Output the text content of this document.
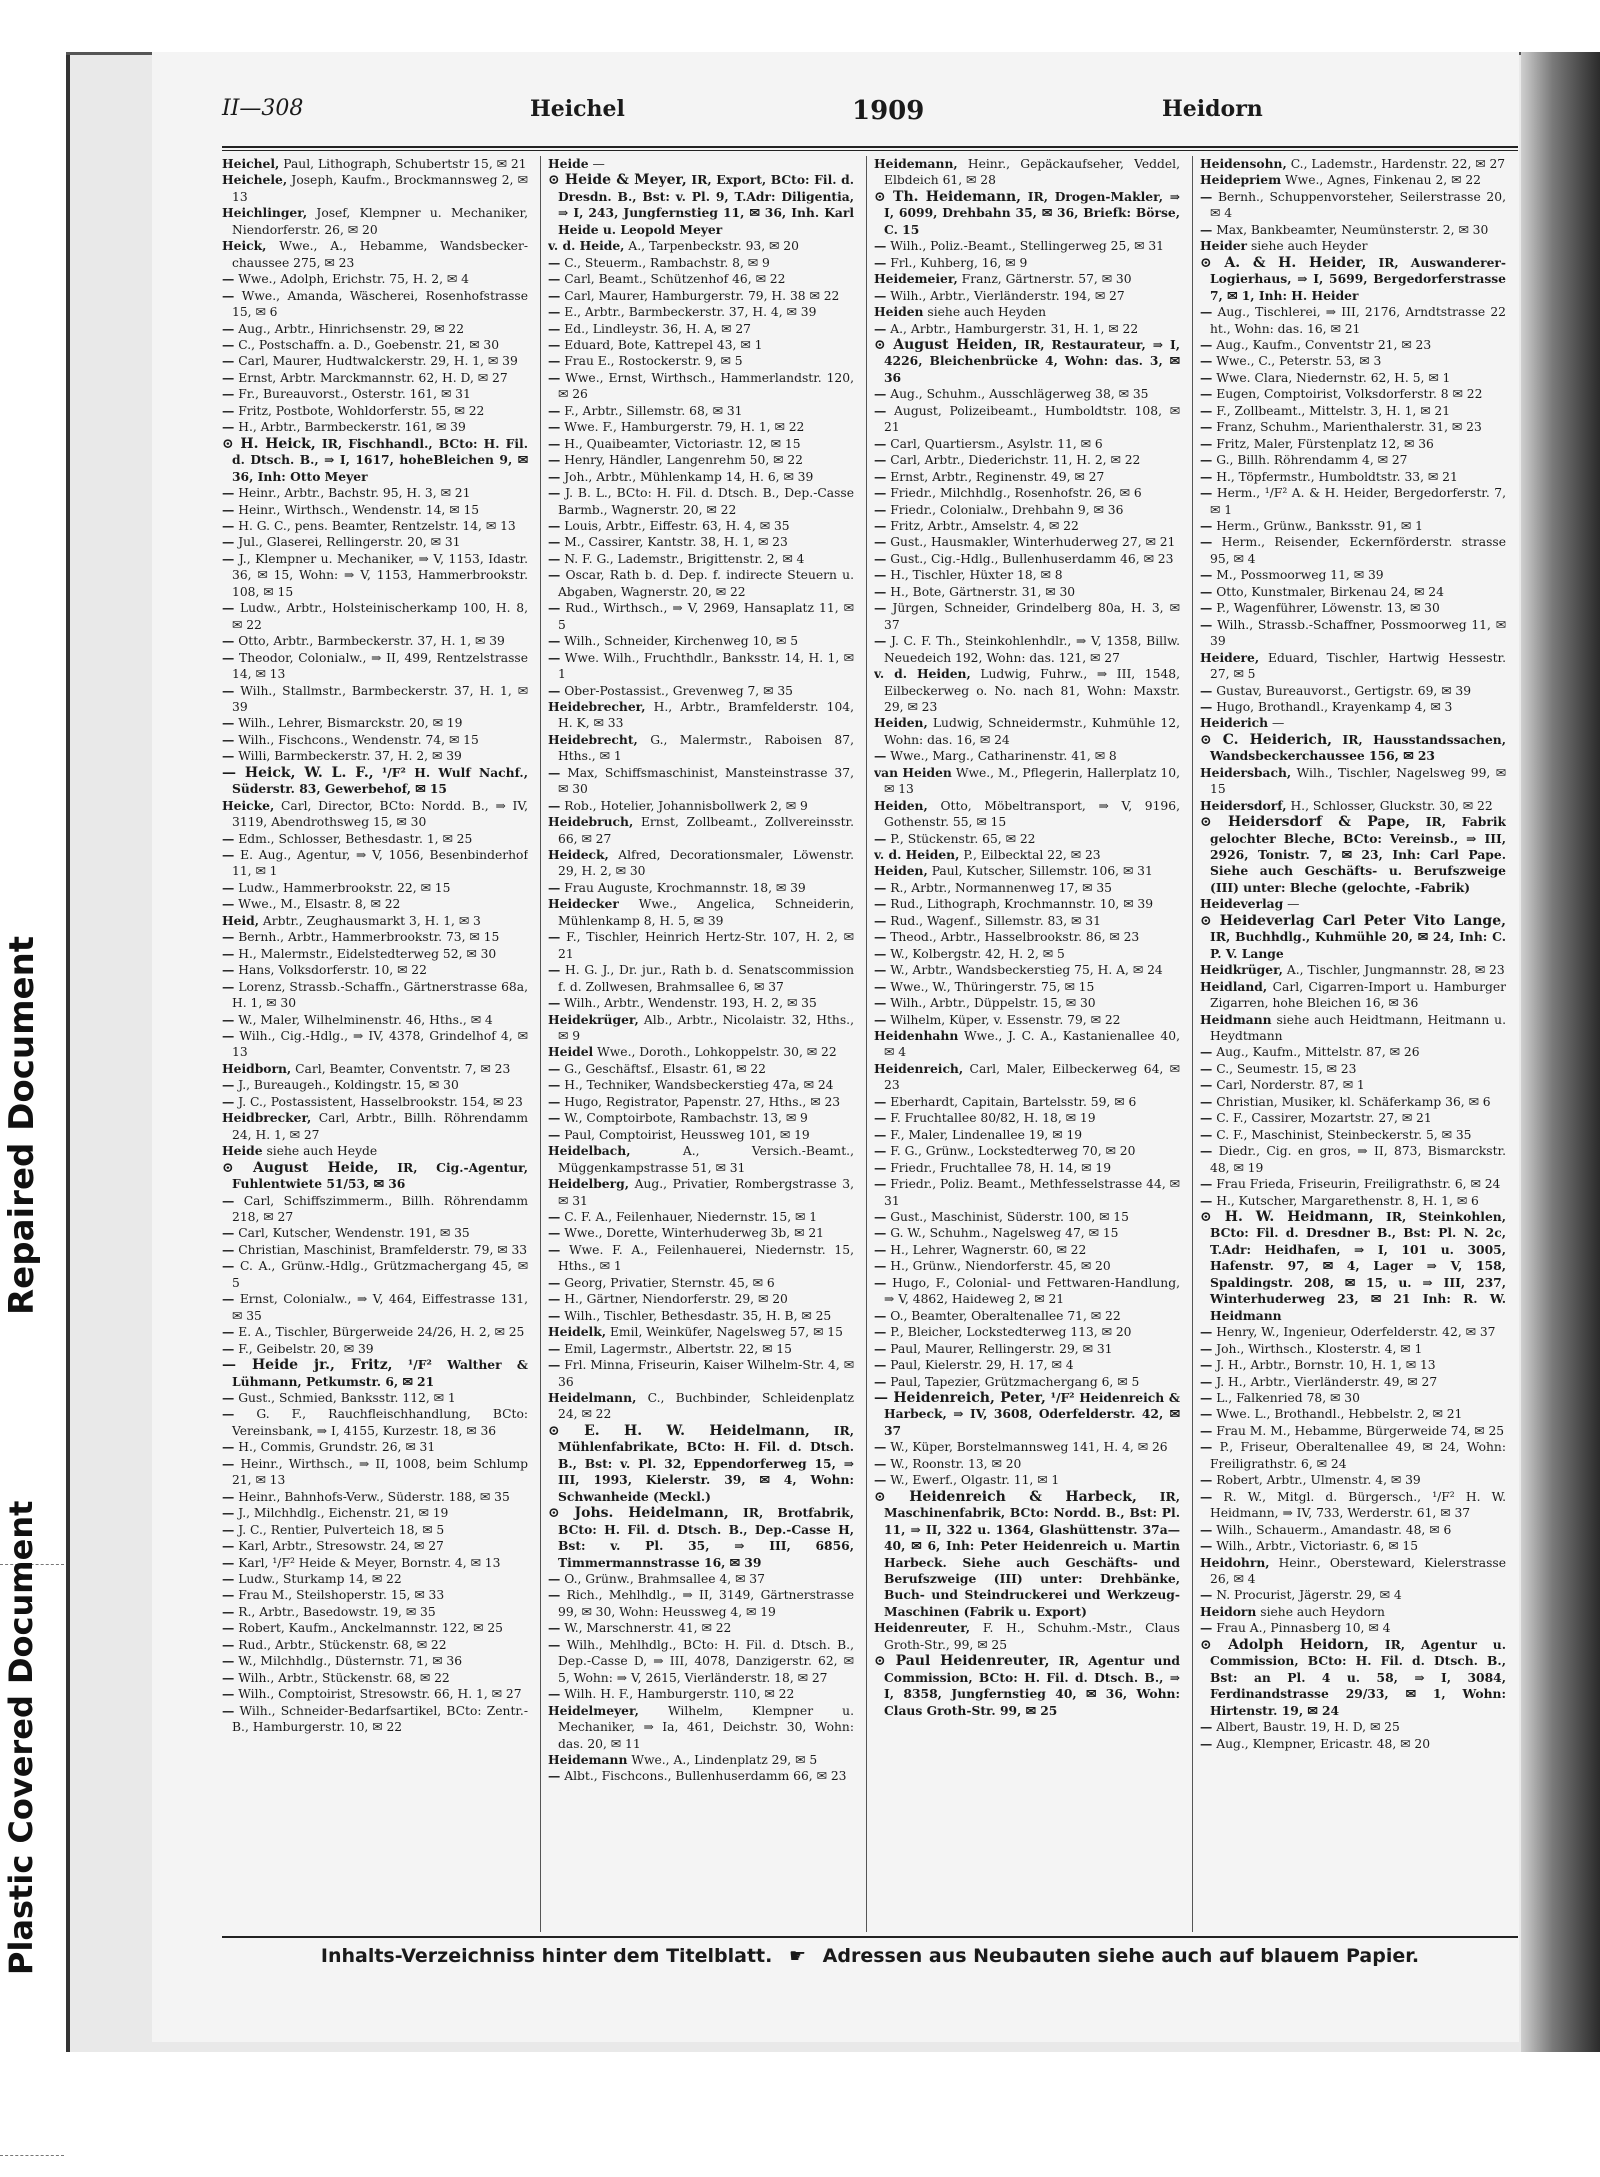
II—308	Heichel	1909	Heidorn
Heichel, Paul, Lithograph, Schubertstr 15, ✉ 21
Heichele, Joseph, Kaufm., Brockmannsweg 2, ✉ 13
Heichlinger, Josef, Klempner u. Mechaniker, Niendorferstr. 26, ✉ 20
Heick, Wwe., A., Hebamme, Wandsbecker-chaussee 275, ✉ 23
— Wwe., Adolph, Erichstr. 75, H. 2, ✉ 4
— Wwe., Amanda, Wäscherei, Rosenhofstrasse 15, ✉ 6
— Aug., Arbtr., Hinrichsenstr. 29, ✉ 22
— C., Postschaffn. a. D., Goebenstr. 21, ✉ 30
— Carl, Maurer, Hudtwalckerstr. 29, H. 1, ✉ 39
— Ernst, Arbtr. Marckmannstr. 62, H. D, ✉ 27
— Fr., Bureauvorst., Osterstr. 161, ✉ 31
— Fritz, Postbote, Wohldorferstr. 55, ✉ 22
— H., Arbtr., Barmbeckerstr. 161, ✉ 39
⊙ H. Heick, IR, Fischhandl., BCto: H. Fil. d. Dtsch. B., ⇒ I, 1617, hoheBleichen 9, ✉ 36, Inh: Otto Meyer
— Heinr., Arbtr., Bachstr. 95, H. 3, ✉ 21
— Heinr., Wirthsch., Wendenstr. 14, ✉ 15
— H. G. C., pens. Beamter, Rentzelstr. 14, ✉ 13
— Jul., Glaserei, Rellingerstr. 20, ✉ 31
— J., Klempner u. Mechaniker, ⇒ V, 1153, Idastr. 36, ✉ 15, Wohn: ⇒ V, 1153, Hammerbrookstr. 108, ✉ 15
— Ludw., Arbtr., Holsteinischerkamp 100, H. 8, ✉ 22
— Otto, Arbtr., Barmbeckerstr. 37, H. 1, ✉ 39
— Theodor, Colonialw., ⇒ II, 499, Rentzelstrasse 14, ✉ 13
— Wilh., Stallmstr., Barmbeckerstr. 37, H. 1, ✉ 39
— Wilh., Lehrer, Bismarckstr. 20, ✉ 19
— Wilh., Fischcons., Wendenstr. 74, ✉ 15
— Willi, Barmbeckerstr. 37, H. 2, ✉ 39
— Heick, W. L. F., ¹/F² H. Wulf Nachf., Süderstr. 83, Gewerbehof, ✉ 15
Heicke, Carl, Director, BCto: Nordd. B., ⇒ IV, 3119, Abendrothsweg 15, ✉ 30
— Edm., Schlosser, Bethesdastr. 1, ✉ 25
— E. Aug., Agentur, ⇒ V, 1056, Besenbinderhof 11, ✉ 1
— Ludw., Hammerbrookstr. 22, ✉ 15
— Wwe., M., Elsastr. 8, ✉ 22
Heid, Arbtr., Zeughausmarkt 3, H. 1, ✉ 3
— Bernh., Arbtr., Hammerbrookstr. 73, ✉ 15
— H., Malermstr., Eidelstedterweg 52, ✉ 30
— Hans, Volksdorferstr. 10, ✉ 22
— Lorenz, Strassb.-Schaffn., Gärtnerstrasse 68a, H. 1, ✉ 30
— W., Maler, Wilhelminenstr. 46, Hths., ✉ 4
— Wilh., Cig.-Hdlg., ⇒ IV, 4378, Grindelhof 4, ✉ 13
Heidborn, Carl, Beamter, Conventstr. 7, ✉ 23
— J., Bureaugeh., Koldingstr. 15, ✉ 30
— J. C., Postassistent, Hasselbrookstr. 154, ✉ 23
Heidbrecker, Carl, Arbtr., Billh. Röhrendamm 24, H. 1, ✉ 27
Heide siehe auch Heyde
⊙ August Heide, IR, Cig.-Agentur, Fuhlentwiete 51/53, ✉ 36
— Carl, Schiffszimmerm., Billh. Röhrendamm 218, ✉ 27
— Carl, Kutscher, Wendenstr. 191, ✉ 35
— Christian, Maschinist, Bramfelderstr. 79, ✉ 33
— C. A., Grünw.-Hdlg., Grützmachergang 45, ✉ 5
— Ernst, Colonialw., ⇒ V, 464, Eiffestrasse 131, ✉ 35
— E. A., Tischler, Bürgerweide 24/26, H. 2, ✉ 25
— F., Geibelstr. 20, ✉ 39
— Heide jr., Fritz, ¹/F² Walther & Lühmann, Petkumstr. 6, ✉ 21
— Gust., Schmied, Banksstr. 112, ✉ 1
— G. F., Rauchfleischhandlung, BCto: Vereinsbank, ⇒ I, 4155, Kurzestr. 18, ✉ 36
— H., Commis, Grundstr. 26, ✉ 31
— Heinr., Wirthsch., ⇒ II, 1008, beim Schlump 21, ✉ 13
— Heinr., Bahnhofs-Verw., Süderstr. 188, ✉ 35
— J., Milchhdlg., Eichenstr. 21, ✉ 19
— J. C., Rentier, Pulverteich 18, ✉ 5
— Karl, Arbtr., Stresowstr. 24, ✉ 27
— Karl, ¹/F² Heide & Meyer, Bornstr. 4, ✉ 13
— Ludw., Sturkamp 14, ✉ 22
— Frau M., Steilshoperstr. 15, ✉ 33
— R., Arbtr., Basedowstr. 19, ✉ 35
— Robert, Kaufm., Anckelmannstr. 122, ✉ 25
— Rud., Arbtr., Stückenstr. 68, ✉ 22
— W., Milchhdlg., Düsternstr. 71, ✉ 36
— Wilh., Arbtr., Stückenstr. 68, ✉ 22
— Wilh., Comptoirist, Stresowstr. 66, H. 1, ✉ 27
— Wilh., Schneider-Bedarfsartikel, BCto: Zentr.-B., Hamburgerstr. 10, ✉ 22
Heide —
⊙ Heide & Meyer, IR, Export, BCto: Fil. d. Dresdn. B., Bst: v. Pl. 9, T.Adr: Diligentia, ⇒ I, 243, Jungfernstieg 11, ✉ 36, Inh. Karl Heide u. Leopold Meyer
v. d. Heide, A., Tarpenbeckstr. 93, ✉ 20
— C., Steuerm., Rambachstr. 8, ✉ 9
— Carl, Beamt., Schützenhof 46, ✉ 22
— Carl, Maurer, Hamburgerstr. 79, H. 38 ✉ 22
— E., Arbtr., Barmbeckerstr. 37, H. 4, ✉ 39
— Ed., Lindleystr. 36, H. A, ✉ 27
— Eduard, Bote, Kattrepel 43, ✉ 1
— Frau E., Rostockerstr. 9, ✉ 5
— Wwe., Ernst, Wirthsch., Hammerlandstr. 120, ✉ 26
— F., Arbtr., Sillemstr. 68, ✉ 31
— Wwe. F., Hamburgerstr. 79, H. 1, ✉ 22
— H., Quaibeamter, Victoriastr. 12, ✉ 15
— Henry, Händler, Langenrehm 50, ✉ 22
— Joh., Arbtr., Mühlenkamp 14, H. 6, ✉ 39
— J. B. L., BCto: H. Fil. d. Dtsch. B., Dep.-Casse Barmb., Wagnerstr. 20, ✉ 22
— Louis, Arbtr., Eiffestr. 63, H. 4, ✉ 35
— M., Cassirer, Kantstr. 38, H. 1, ✉ 23
— N. F. G., Lademstr., Brigittenstr. 2, ✉ 4
— Oscar, Rath b. d. Dep. f. indirecte Steuern u. Abgaben, Wagnerstr. 20, ✉ 22
— Rud., Wirthsch., ⇒ V, 2969, Hansaplatz 11, ✉ 5
— Wilh., Schneider, Kirchenweg 10, ✉ 5
— Wwe. Wilh., Fruchthdlr., Banksstr. 14, H. 1, ✉ 1
— Ober-Postassist., Grevenweg 7, ✉ 35
Heidebrecher, H., Arbtr., Bramfelderstr. 104, H. K, ✉ 33
Heidebrecht, G., Malermstr., Raboisen 87, Hths., ✉ 1
— Max, Schiffsmaschinist, Mansteinstrasse 37, ✉ 30
— Rob., Hotelier, Johannisbollwerk 2, ✉ 9
Heidebruch, Ernst, Zollbeamt., Zollvereinsstr. 66, ✉ 27
Heideck, Alfred, Decorationsmaler, Löwenstr. 29, H. 2, ✉ 30
— Frau Auguste, Krochmannstr. 18, ✉ 39
Heidecker Wwe., Angelica, Schneiderin, Mühlenkamp 8, H. 5, ✉ 39
— F., Tischler, Heinrich Hertz-Str. 107, H. 2, ✉ 21
— H. G. J., Dr. jur., Rath b. d. Senatscommission f. d. Zollwesen, Brahmsallee 6, ✉ 37
— Wilh., Arbtr., Wendenstr. 193, H. 2, ✉ 35
Heidekrüger, Alb., Arbtr., Nicolaistr. 32, Hths., ✉ 9
Heidel Wwe., Doroth., Lohkoppelstr. 30, ✉ 22
— G., Geschäftsf., Elsastr. 61, ✉ 22
— H., Techniker, Wandsbeckerstieg 47a, ✉ 24
— Hugo, Registrator, Papenstr. 27, Hths., ✉ 23
— W., Comptoirbote, Rambachstr. 13, ✉ 9
— Paul, Comptoirist, Heussweg 101, ✉ 19
Heidelbach,	A., Versich.-Beamt., Müggenkampstrasse 51, ✉ 31
Heidelberg, Aug., Privatier, Rombergstrasse 3, ✉ 31
— C. F. A., Feilenhauer, Niedernstr. 15, ✉ 1
— Wwe., Dorette, Winterhuderweg 3b, ✉ 21
— Wwe. F. A., Feilenhauerei, Niedernstr. 15, Hths., ✉ 1
— Georg, Privatier, Sternstr. 45, ✉ 6
— H., Gärtner, Niendorferstr. 29, ✉ 20
— Wilh., Tischler, Bethesdastr. 35, H. B, ✉ 25
Heidelk, Emil, Weinküfer, Nagelsweg 57, ✉ 15
— Emil, Lagermstr., Albertstr. 22, ✉ 15
— Frl. Minna, Friseurin, Kaiser Wilhelm-Str. 4, ✉ 36
Heidelmann, C., Buchbinder, Schleidenplatz 24, ✉ 22
⊙ E. H. W. Heidelmann, IR, Mühlenfabrikate, BCto: H. Fil. d. Dtsch. B., Bst: v. Pl. 32, Eppendorferweg 15, ⇒ III, 1993, Kielerstr. 39, ✉ 4, Wohn: Schwanheide (Meckl.)
⊙ Johs. Heidelmann, IR, Brotfabrik, BCto: H. Fil. d. Dtsch. B., Dep.-Casse H, Bst: v. Pl. 35, ⇒ III, 6856, Timmermannstrasse 16, ✉ 39
— O., Grünw., Brahmsallee 4, ✉ 37
— Rich., Mehlhdlg., ⇒ II, 3149, Gärtnerstrasse 99, ✉ 30, Wohn: Heussweg 4, ✉ 19
— W., Marschnerstr. 41, ✉ 22
— Wilh., Mehlhdlg., BCto: H. Fil. d. Dtsch. B., Dep.-Casse D, ⇒ III, 4078, Danzigerstr. 62, ✉ 5, Wohn: ⇒ V, 2615, Vierländerstr. 18, ✉ 27
— Wilh. H. F., Hamburgerstr. 110, ✉ 22
Heidelmeyer, Wilhelm, Klempner u. Mechaniker, ⇒ Ia, 461, Deichstr. 30, Wohn: das. 20, ✉ 11
Heidemann Wwe., A., Lindenplatz 29, ✉ 5
— Albt., Fischcons., Bullenhuserdamm 66, ✉ 23
Heidemann, Heinr., Gepäckaufseher, Veddel, Elbdeich 61, ✉ 28
⊙ Th. Heidemann, IR, Drogen-Makler, ⇒ I, 6099, Drehbahn 35, ✉ 36, Briefk: Börse, C. 15
— Wilh., Poliz.-Beamt., Stellingerweg 25, ✉ 31
— Frl., Kuhberg, 16, ✉ 9
Heidemeier, Franz, Gärtnerstr. 57, ✉ 30
— Wilh., Arbtr., Vierländerstr. 194, ✉ 27
Heiden siehe auch Heyden
— A., Arbtr., Hamburgerstr. 31, H. 1, ✉ 22
⊙ August Heiden, IR, Restaurateur, ⇒ I, 4226, Bleichenbrücke 4, Wohn: das. 3, ✉ 36
— Aug., Schuhm., Ausschlägerweg 38, ✉ 35
— August, Polizeibeamt., Humboldtstr. 108, ✉ 21
— Carl, Quartiersm., Asylstr. 11, ✉ 6
— Carl, Arbtr., Diederichstr. 11, H. 2, ✉ 22
— Ernst, Arbtr., Reginenstr. 49, ✉ 27
— Friedr., Milchhdlg., Rosenhofstr. 26, ✉ 6
— Friedr., Colonialw., Drehbahn 9, ✉ 36
— Fritz, Arbtr., Amselstr. 4, ✉ 22
— Gust., Hausmakler, Winterhuderweg 27, ✉ 21
— Gust., Cig.-Hdlg., Bullenhuserdamm 46, ✉ 23
— H., Tischler, Hüxter 18, ✉ 8
— H., Bote, Gärtnerstr. 31, ✉ 30
— Jürgen, Schneider, Grindelberg 80a, H. 3, ✉ 37
— J. C. F. Th., Steinkohlenhdlr., ⇒ V, 1358, Billw. Neuedeich 192, Wohn: das. 121, ✉ 27
v. d. Heiden, Ludwig, Fuhrw., ⇒ III, 1548, Eilbeckerweg o. No. nach 81, Wohn: Maxstr. 29, ✉ 23
Heiden, Ludwig, Schneidermstr., Kuhmühle 12, Wohn: das. 16, ✉ 24
— Wwe., Marg., Catharinenstr. 41, ✉ 8
van Heiden Wwe., M., Pflegerin, Hallerplatz 10, ✉ 13
Heiden, Otto, Möbeltransport, ⇒ V, 9196, Gothenstr. 55, ✉ 15
— P., Stückenstr. 65, ✉ 22
v. d. Heiden, P., Eilbecktal 22, ✉ 23
Heiden, Paul, Kutscher, Sillemstr. 106, ✉ 31
— R., Arbtr., Normannenweg 17, ✉ 35
— Rud., Lithograph, Krochmannstr. 10, ✉ 39
— Rud., Wagenf., Sillemstr. 83, ✉ 31
— Theod., Arbtr., Hasselbrookstr. 86, ✉ 23
— W., Kolbergstr. 42, H. 2, ✉ 5
— W., Arbtr., Wandsbeckerstieg 75, H. A, ✉ 24
— Wwe., W., Thüringerstr. 75, ✉ 15
— Wilh., Arbtr., Düppelstr. 15, ✉ 30
— Wilhelm, Küper, v. Essenstr. 79, ✉ 22
Heidenhahn Wwe., J. C. A., Kastanienallee 40, ✉ 4
Heidenreich, Carl, Maler, Eilbeckerweg 64, ✉ 23
— Eberhardt, Capitain, Bartelsstr. 59, ✉ 6
— F. Fruchtallee 80/82, H. 18, ✉ 19
— F., Maler, Lindenallee 19, ✉ 19
— F. G., Grünw., Lockstedterweg 70, ✉ 20
— Friedr., Fruchtallee 78, H. 14, ✉ 19
— Friedr., Poliz. Beamt., Methfesselstrasse 44, ✉ 31
— Gust., Maschinist, Süderstr. 100, ✉ 15
— G. W., Schuhm., Nagelsweg 47, ✉ 15
— H., Lehrer, Wagnerstr. 60, ✉ 22
— H., Grünw., Niendorferstr. 45, ✉ 20
— Hugo, F., Colonial- und Fettwaren-Handlung, ⇒ V, 4862, Haideweg 2, ✉ 21
— O., Beamter, Oberaltenallee 71, ✉ 22
— P., Bleicher, Lockstedterweg 113, ✉ 20
— Paul, Maurer, Rellingerstr. 29, ✉ 31
— Paul, Kielerstr. 29, H. 17, ✉ 4
— Paul, Tapezier, Grützmachergang 6, ✉ 5
— Heidenreich, Peter, ¹/F² Heidenreich & Harbeck, ⇒ IV, 3608, Oderfelderstr. 42, ✉ 37
— W., Küper, Borstelmannsweg 141, H. 4, ✉ 26
— W., Roonstr. 13, ✉ 20
— W., Ewerf., Olgastr. 11, ✉ 1
⊙ Heidenreich & Harbeck, IR, Maschinenfabrik, BCto: Nordd. B., Bst: Pl. 11, ⇒ II, 322 u. 1364, Glashüttenstr. 37a—40, ✉ 6, Inh: Peter Heidenreich u. Martin Harbeck. Siehe auch Geschäfts- und Berufszweige (III) unter: Drehbänke, Buch- und Steindruckerei und Werkzeug-Maschinen (Fabrik u. Export)
Heidenreuter, F. H., Schuhm.-Mstr., Claus Groth-Str., 99, ✉ 25
⊙ Paul Heidenreuter, IR, Agentur und Commission, BCto: H. Fil. d. Dtsch. B., ⇒ I, 8358, Jungfernstieg 40, ✉ 36, Wohn: Claus Groth-Str. 99, ✉ 25
Heidensohn, C., Lademstr., Hardenstr. 22, ✉ 27
Heidepriem Wwe., Agnes, Finkenau 2, ✉ 22
— Bernh., Schuppenvorsteher, Seilerstrasse 20, ✉ 4
— Max, Bankbeamter, Neumünsterstr. 2, ✉ 30
Heider siehe auch Heyder
⊙ A. & H. Heider, IR, Auswanderer-Logierhaus, ⇒ I, 5699, Bergedorferstrasse 7, ✉ 1, Inh: H. Heider
— Aug., Tischlerei, ⇒ III, 2176, Arndtstrasse 22 ht., Wohn: das. 16, ✉ 21
— Aug., Kaufm., Conventstr 21, ✉ 23
— Wwe., C., Peterstr. 53, ✉ 3
— Wwe. Clara, Niedernstr. 62, H. 5, ✉ 1
— Eugen, Comptoirist, Volksdorferstr. 8 ✉ 22
— F., Zollbeamt., Mittelstr. 3, H. 1, ✉ 21
— Franz, Schuhm., Marienthalerstr. 31, ✉ 23
— Fritz, Maler, Fürstenplatz 12, ✉ 36
— G., Billh. Röhrendamm 4, ✉ 27
— H., Töpfermstr., Humboldtstr. 33, ✉ 21
— Herm., ¹/F² A. & H. Heider, Bergedorferstr. 7, ✉ 1
— Herm., Grünw., Banksstr. 91, ✉ 1
— Herm., Reisender, Eckernförderstr. strasse 95, ✉ 4
— M., Possmoorweg 11, ✉ 39
— Otto, Kunstmaler, Birkenau 24, ✉ 24
— P., Wagenführer, Löwenstr. 13, ✉ 30
— Wilh., Strassb.-Schaffner, Possmoorweg 11, ✉ 39
Heidere, Eduard, Tischler, Hartwig Hessestr. 27, ✉ 5
— Gustav, Bureauvorst., Gertigstr. 69, ✉ 39
— Hugo, Brothandl., Krayenkamp 4, ✉ 3
Heiderich —
⊙ C. Heiderich, IR, Hausstandssachen, Wandsbeckerchaussee 156, ✉ 23
Heidersbach, Wilh., Tischler, Nagelsweg 99, ✉ 15
Heidersdorf, H., Schlosser, Gluckstr. 30, ✉ 22
⊙ Heidersdorf & Pape, IR, Fabrik gelochter Bleche, BCto: Vereinsb., ⇒ III, 2926, Tonistr. 7, ✉ 23, Inh: Carl Pape. Siehe auch Geschäfts- u. Berufszweige (III) unter: Bleche (gelochte, -Fabrik)
Heideverlag —
⊙ Heideverlag Carl Peter Vito Lange, IR, Buchhdlg., Kuhmühle 20, ✉ 24, Inh: C. P. V. Lange
Heidkrüger, A., Tischler, Jungmannstr. 28, ✉ 23
Heidland, Carl, Cigarren-Import u. Hamburger Zigarren, hohe Bleichen 16, ✉ 36
Heidmann siehe auch Heidtmann, Heitmann u. Heydtmann
— Aug., Kaufm., Mittelstr. 87, ✉ 26
— C., Seumestr. 15, ✉ 23
— Carl, Norderstr. 87, ✉ 1
— Christian, Musiker, kl. Schäferkamp 36, ✉ 6
— C. F., Cassirer, Mozartstr. 27, ✉ 21
— C. F., Maschinist, Steinbeckerstr. 5, ✉ 35
— Diedr., Cig. en gros, ⇒ II, 873, Bismarckstr. 48, ✉ 19
— Frau Frieda, Friseurin, Freiligrathstr. 6, ✉ 24
— H., Kutscher, Margarethenstr. 8, H. 1, ✉ 6
⊙ H. W. Heidmann, IR, Steinkohlen, BCto: Fil. d. Dresdner B., Bst: Pl. N. 2c, T.Adr: Heidhafen, ⇒ I, 101 u. 3005, Hafenstr. 97, ✉ 4, Lager ⇒ V, 158, Spaldingstr. 208, ✉ 15, u. ⇒ III, 237, Winterhuderweg 23, ✉ 21 Inh: R. W. Heidmann
— Henry, W., Ingenieur, Oderfelderstr. 42, ✉ 37
— Joh., Wirthsch., Klosterstr. 4, ✉ 1
— J. H., Arbtr., Bornstr. 10, H. 1, ✉ 13
— J. H., Arbtr., Vierländerstr. 49, ✉ 27
— L., Falkenried 78, ✉ 30
— Wwe. L., Brothandl., Hebbelstr. 2, ✉ 21
— Frau M. M., Hebamme, Bürgerweide 74, ✉ 25
— P., Friseur, Oberaltenallee 49, ✉ 24, Wohn: Freiligrathstr. 6, ✉ 24
— Robert, Arbtr., Ulmenstr. 4, ✉ 39
— R. W., Mitgl. d. Bürgersch., ¹/F² H. W. Heidmann, ⇒ IV, 733, Werderstr. 61, ✉ 37
— Wilh., Schauerm., Amandastr. 48, ✉ 6
— Wilh., Arbtr., Victoriastr. 6, ✉ 15
Heidohrn, Heinr., Obersteward, Kielerstrasse 26, ✉ 4
— N. Procurist, Jägerstr. 29, ✉ 4
Heidorn siehe auch Heydorn
— Frau A., Pinnasberg 10, ✉ 4
⊙ Adolph Heidorn, IR, Agentur u. Commission, BCto: H. Fil. d. Dtsch. B., Bst: an Pl. 4 u. 58, ⇒ I, 3084, Ferdinandstrasse 29/33, ✉ 1, Wohn: Hirtenstr. 19, ✉ 24
— Albert, Baustr. 19, H. D, ✉ 25
— Aug., Klempner, Ericastr. 48, ✉ 20
Inhalts-Verzeichniss hinter dem Titelblatt. ☛ Adressen aus Neubauten siehe auch auf blauem Papier.
Repaired Document
Plastic Covered Document
